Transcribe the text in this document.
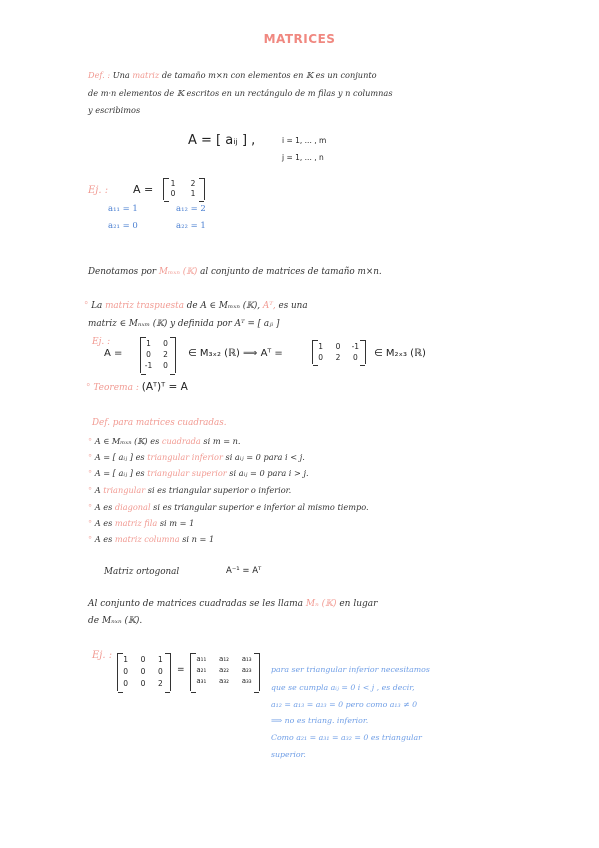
MATRICES
Def. : Una matriz de tamaño m×n con elementos en 𝕂 es un conjunto
de m·n elementos de 𝕂 escritos en un rectángulo de m filas y n columnas
y escribimos
A = [ aᵢⱼ ] ,	i = 1, ... , m
j = 1, ... , n
Ej. : A =	1	2
0	1
a₁₁ = 1	a₁₂ = 2
a₂₁ = 0	a₂₂ = 1
Denotamos por Mₘₓₙ (𝕂) al conjunto de matrices de tamaño m×n.
° La matriz traspuesta de A ∈ Mₘₓₙ (𝕂), Aᵀ, es una
matriz ∈ Mₙₓₘ (𝕂) y definida por Aᵀ = [ aⱼᵢ ]
Ej. :
A =
1	0
0	2
-1	0
∈ M₃ₓ₂ (ℝ) ⟹ Aᵀ =
1	0	-1
0	2	0	∈ M₂ₓ₃ (ℝ)
° Teorema : (Aᵀ)ᵀ = A
Def. para matrices cuadradas.
° A ∈ Mₘₓₙ (𝕂) es cuadrada si m = n.
° A = [ aᵢⱼ ] es triangular inferior si aᵢⱼ = 0 para i < j.
° A = [ aᵢⱼ ] es triangular superior si aᵢⱼ = 0 para i > j.
° A triangular si es triangular superior o inferior.
° A es diagonal si es triangular superior e inferior al mismo tiempo.
° A es matriz fila si m = 1
° A es matriz columna si n = 1
Matriz ortogonal	A⁻¹ = Aᵀ
Al conjunto de matrices cuadradas se les llama Mₙ (𝕂) en lugar
de Mₙₓₙ (𝕂).
Ej. :	1	0	1
0	0	0
0	0	2
=
a₁₁	a₁₂	a₁₃
a₂₁	a₂₂	a₂₃
a₃₁	a₃₂	a₃₃
para ser triangular inferior necesitamos
que se cumpla aᵢⱼ = 0 i < j , es decir,
a₁₂ = a₁₃ = a₂₃ = 0 pero como a₁₃ ≠ 0
⟹ no es triang. inferior.
Como a₂₁ = a₃₁ = a₃₂ = 0 es triangular
superior.
